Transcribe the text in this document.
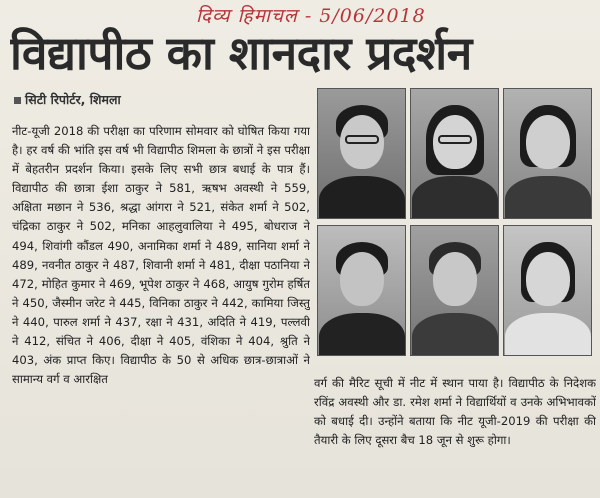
दिव्य हिमाचल - 5/06/2018
विद्यापीठ का शानदार प्रदर्शन
सिटी रिपोर्टर, शिमला

नीट-यूजी 2018 की परीक्षा का परिणाम सोमवार को घोषित किया गया है। हर वर्ष की भांति इस वर्ष भी विद्यापीठ शिमला के छात्रों ने इस परीक्षा में बेहतरीन प्रदर्शन किया। इसके लिए सभी छात्र बधाई के पात्र हैं। विद्यापीठ की छात्रा ईशा ठाकुर ने 581, ऋषभ अवस्थी ने 559, अक्षिता मछान ने 536, श्रद्धा आंगरा ने 521, संकेत शर्मा ने 502, चंद्रिका ठाकुर ने 502, मनिका आहलुवालिया ने 495, बोधराज ने 494, शिवांगी कौंडल 490, अनामिका शर्मा ने 489, सानिया शर्मा ने 489, नवनीत ठाकुर ने 487, शिवानी शर्मा ने 481, दीक्षा पठानिया ने 472, मोहित कुमार ने 469, भूपेश ठाकुर ने 468, आयुष गुरोम हर्षित ने 450, जैस्मीन जरेट ने 445, विनिका ठाकुर ने 442, कामिया जिस्तु ने 440, पारुल शर्मा ने 437, रक्षा ने 431, अदिति ने 419, पल्लवी ने 412, संचित ने 406, दीक्षा ने 405, वंशिका ने 404, श्रुति ने 403, अंक प्राप्त किए। विद्यापीठ के 50 से अधिक छात्र-छात्राओं ने सामान्य वर्ग व आरक्षित	वर्ग की मैरिट सूची में नीट में स्थान पाया है। विद्यापीठ के निदेशक रविंद्र अवस्थी और डा. रमेश शर्मा ने विद्यार्थियों व उनके अभिभावकों को बधाई दी। उन्होंने बताया कि नीट यूजी-2019 की परीक्षा की तैयारी के लिए दूसरा बैच 18 जून से शुरू होगा।
